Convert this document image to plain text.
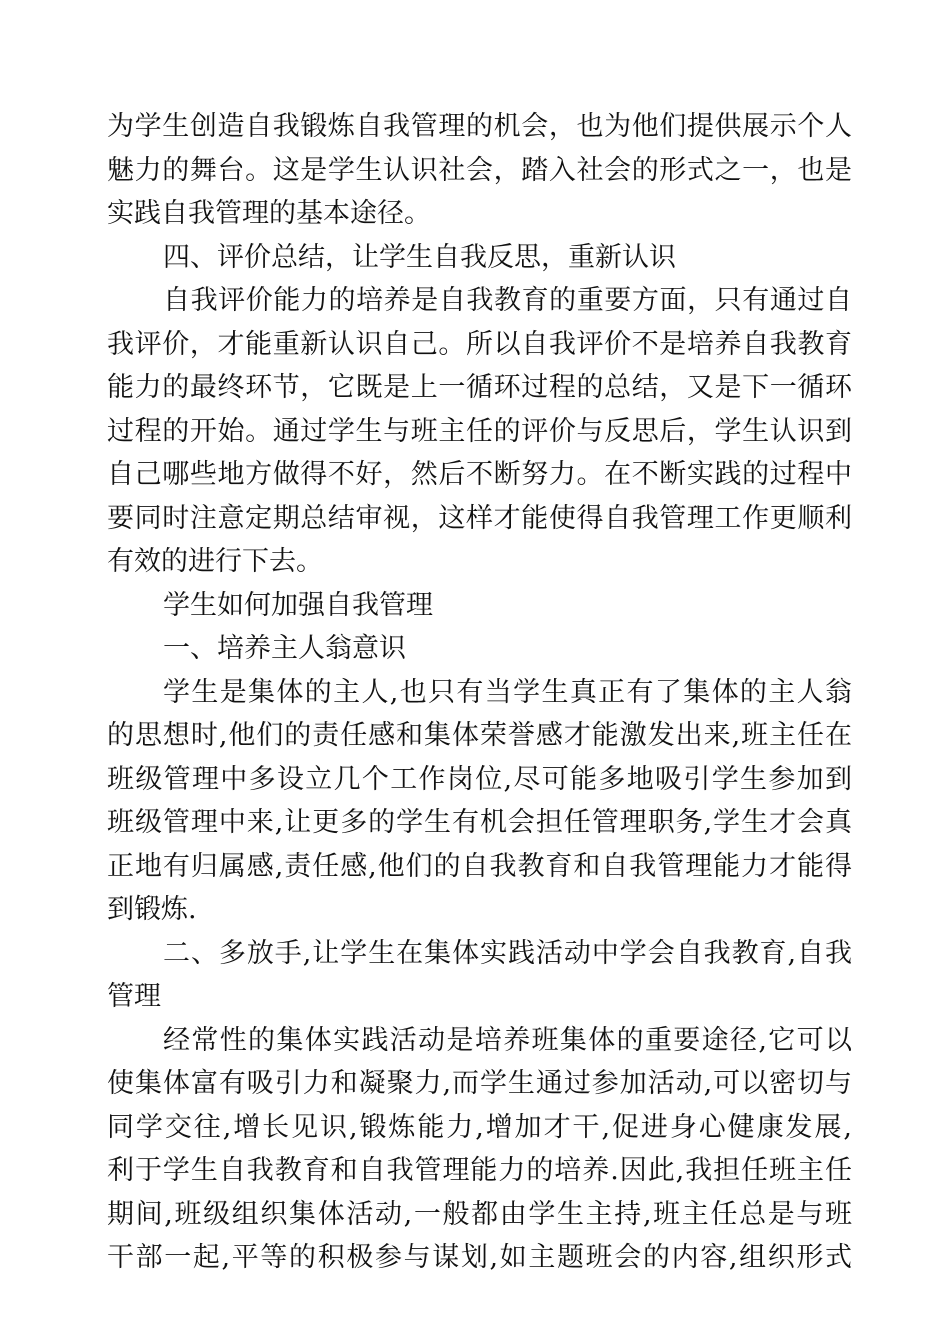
为学生创造自我锻炼自我管理的机会，也为他们提供展示个人
魅力的舞台。这是学生认识社会，踏入社会的形式之一，也是
实践自我管理的基本途径。
四、评价总结，让学生自我反思，重新认识
自我评价能力的培养是自我教育的重要方面，只有通过自
我评价，才能重新认识自己。所以自我评价不是培养自我教育
能力的最终环节，它既是上一循环过程的总结，又是下一循环
过程的开始。通过学生与班主任的评价与反思后，学生认识到
自己哪些地方做得不好，然后不断努力。在不断实践的过程中
要同时注意定期总结审视，这样才能使得自我管理工作更顺利
有效的进行下去。
学生如何加强自我管理
一、培养主人翁意识
学生是集体的主人,也只有当学生真正有了集体的主人翁
的思想时,他们的责任感和集体荣誉感才能激发出来,班主任在
班级管理中多设立几个工作岗位,尽可能多地吸引学生参加到
班级管理中来,让更多的学生有机会担任管理职务,学生才会真
正地有归属感,责任感,他们的自我教育和自我管理能力才能得
到锻炼.
二、多放手,让学生在集体实践活动中学会自我教育,自我
管理
经常性的集体实践活动是培养班集体的重要途径,它可以
使集体富有吸引力和凝聚力,而学生通过参加活动,可以密切与
同学交往,增长见识,锻炼能力,增加才干,促进身心健康发展,
利于学生自我教育和自我管理能力的培养.因此,我担任班主任
期间,班级组织集体活动,一般都由学生主持,班主任总是与班
干部一起,平等的积极参与谋划,如主题班会的内容,组织形式
